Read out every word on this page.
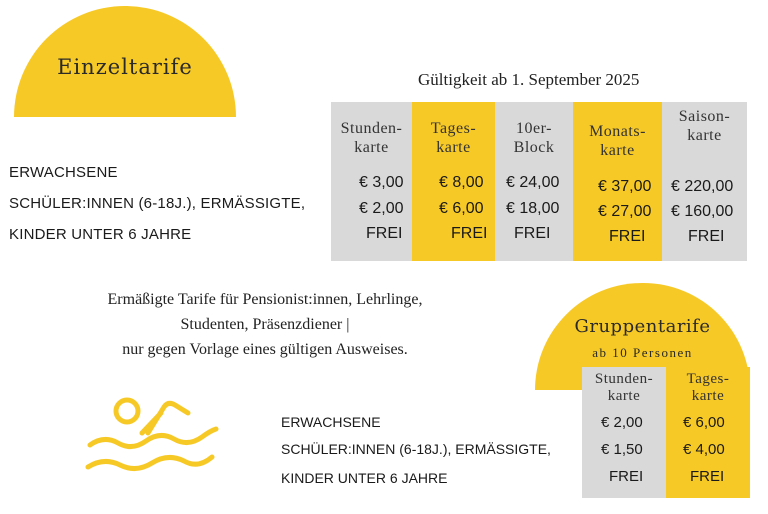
Einzeltarife
Gültigkeit ab 1. September 2025
Stunden-
karte
Tages-
karte
10er-
Block
Monats-
karte
Saison-
karte
€ 3,00
€ 2,00
FREI
€ 8,00
€ 6,00
FREI
€ 24,00
€ 18,00
FREI
€ 37,00
€ 27,00
FREI
€ 220,00
€ 160,00
FREI
ERWACHSENE
SCHÜLER:INNEN (6-18J.), ERMÄSSIGTE,
KINDER UNTER 6 JAHRE
Ermäßigte Tarife für Pensionist:innen, Lehrlinge,
Studenten, Präsenzdiener |
nur gegen Vorlage eines gültigen Ausweises.
Gruppentarife
ab 10 Personen
Stunden-
karte
Tages-
karte
€ 2,00
€ 1,50
FREI
€ 6,00
€ 4,00
FREI
ERWACHSENE
SCHÜLER:INNEN (6-18J.), ERMÄSSIGTE,
KINDER UNTER 6 JAHRE
